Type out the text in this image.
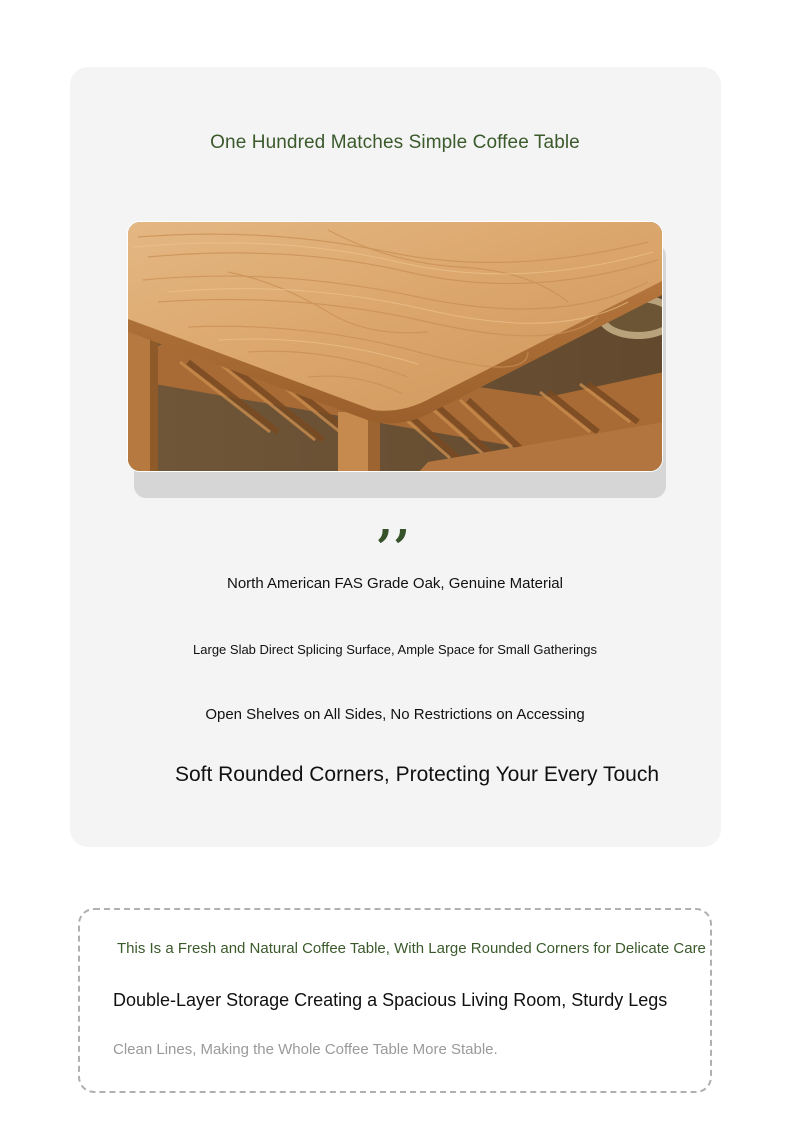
One Hundred Matches Simple Coffee Table
,,
North American FAS Grade Oak, Genuine Material
Large Slab Direct Splicing Surface, Ample Space for Small Gatherings
Open Shelves on All Sides, No Restrictions on Accessing
Soft Rounded Corners, Protecting Your Every Touch
This Is a Fresh and Natural Coffee Table, With Large Rounded Corners for Delicate Care
Double-Layer Storage Creating a Spacious Living Room, Sturdy Legs
Clean Lines, Making the Whole Coffee Table More Stable.
